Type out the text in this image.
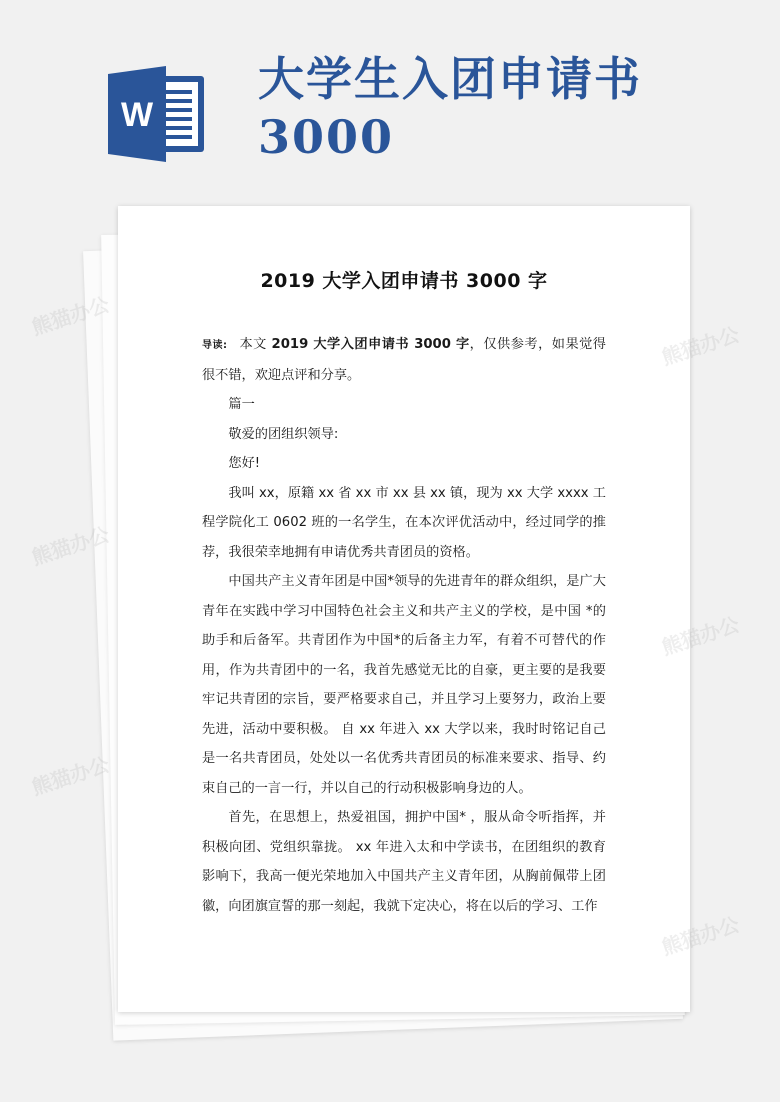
W
大学生入团申请书
3000
2019 大学入团申请书 3000 字

导读: 本文 2019 大学入团申请书 3000 字，仅供参考，如果觉得很不错，欢迎点评和分享。

篇一

敬爱的团组织领导:

您好!

我叫 xx，原籍 xx 省 xx 市 xx 县 xx 镇，现为 xx 大学 xxxx 工程学院化工 0602 班的一名学生，在本次评优活动中，经过同学的推荐，我很荣幸地拥有申请优秀共青团员的资格。

中国共产主义青年团是中国*领导的先进青年的群众组织，是广大青年在实践中学习中国特色社会主义和共产主义的学校，是中国 *的助手和后备军。共青团作为中国*的后备主力军，有着不可替代的作用，作为共青团中的一名，我首先感觉无比的自豪，更主要的是我要牢记共青团的宗旨，要严格要求自己，并且学习上要努力，政治上要先进，活动中要积极。 自 xx 年进入 xx 大学以来，我时时铭记自己是一名共青团员，处处以一名优秀共青团员的标准来要求、指导、约束自己的一言一行，并以自己的行动积极影响身边的人。

首先，在思想上，热爱祖国，拥护中国* ，服从命令听指挥，并积极向团、党组织靠拢。 xx 年进入太和中学读书，在团组织的教育影响下，我高一便光荣地加入中国共产主义青年团，从胸前佩带上团徽，向团旗宣誓的那一刻起，我就下定决心，将在以后的学习、工作

熊猫办公
熊猫办公
熊猫办公
熊猫办公
熊猫办公
熊猫办公
